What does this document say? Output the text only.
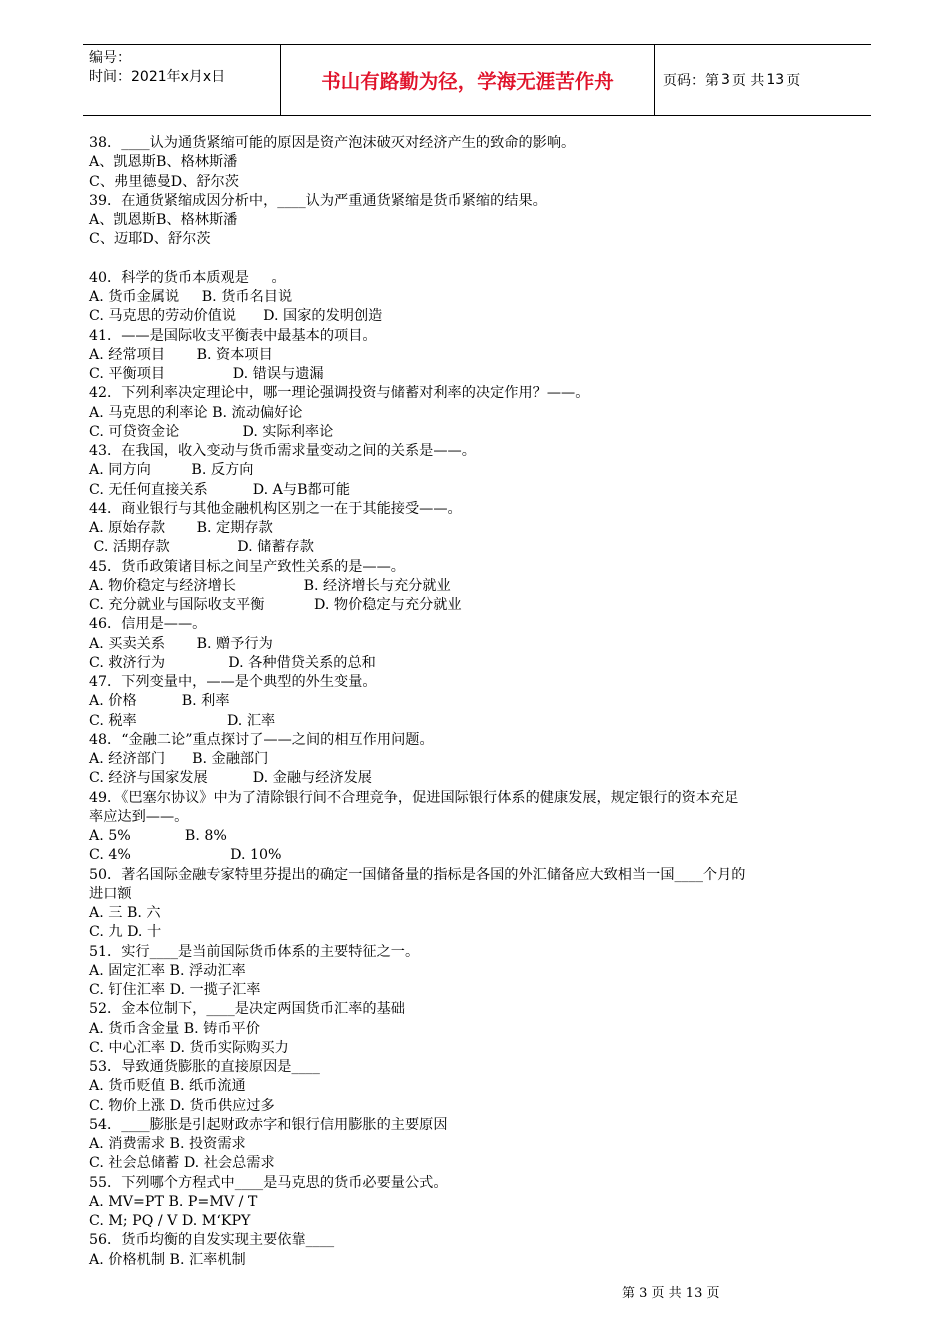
编号：
时间：2021年x月x日	书山有路勤为径，学海无涯苦作舟	页码：第 3 页 共 13 页
38．____认为通货紧缩可能的原因是资产泡沫破灭对经济产生的致命的影响。
A、凯恩斯B、格林斯潘
C、弗里德曼D、舒尔茨
39．在通货紧缩成因分析中，____认为严重通货紧缩是货币紧缩的结果。
A、凯恩斯B、格林斯潘
C、迈耶D、舒尔茨
40．科学的货币本质观是     。
A. 货币金属说     B. 货币名目说
C. 马克思的劳动价值说      D. 国家的发明创造
41．——是国际收支平衡表中最基本的项目。
A. 经常项目       B. 资本项目
C. 平衡项目               D. 错误与遗漏
42．下列利率决定理论中，哪一理论强调投资与储蓄对利率的决定作用？——。
A. 马克思的利率论 B. 流动偏好论
C. 可贷资金论              D. 实际利率论
43．在我国，收入变动与货币需求量变动之间的关系是——。
A. 同方向         B. 反方向
C. 无任何直接关系          D. A与B都可能
44．商业银行与其他金融机构区别之一在于其能接受——。
A. 原始存款       B. 定期存款
C. 活期存款               D. 储蓄存款
45．货币政策诸目标之间呈产致性关系的是——。
A. 物价稳定与经济增长               B. 经济增长与充分就业
C. 充分就业与国际收支平衡           D. 物价稳定与充分就业
46．信用是——。
A. 买卖关系       B. 赠予行为
C. 救济行为              D. 各种借贷关系的总和
47．下列变量中，——是个典型的外生变量。
A. 价格          B. 利率
C. 税率                    D. 汇率
48．“金融二论”重点探讨了——之间的相互作用问题。
A. 经济部门      B. 金融部门
C. 经济与国家发展          D. 金融与经济发展
49．《巴塞尔协议》中为了清除银行间不合理竞争，促进国际银行体系的健康发展，规定银行的资本充足
率应达到——。
A. 5%            B. 8%
C. 4%                      D. 10%
50．著名国际金融专家特里芬提出的确定一国储备量的指标是各国的外汇储备应大致相当一国____个月的
进口额
A. 三 B. 六
C. 九 D. 十
51．实行____是当前国际货币体系的主要特征之一。
A. 固定汇率 B. 浮动汇率
C. 钉住汇率 D. 一揽子汇率
52．金本位制下，____是决定两国货币汇率的基础
A. 货币含金量 B. 铸币平价
C. 中心汇率 D. 货币实际购买力
53．导致通货膨胀的直接原因是____
A. 货币贬值 B. 纸币流通
C. 物价上涨 D. 货币供应过多
54．____膨胀是引起财政赤字和银行信用膨胀的主要原因
A. 消费需求 B. 投资需求
C. 社会总储蓄 D. 社会总需求
55．下列哪个方程式中____是马克思的货币必要量公式。
A. MV=PT B. P=MV / T
C. M; PQ / V D. M‘KPY
56．货币均衡的自发实现主要依靠____
A. 价格机制 B. 汇率机制
第 3 页 共 13 页
